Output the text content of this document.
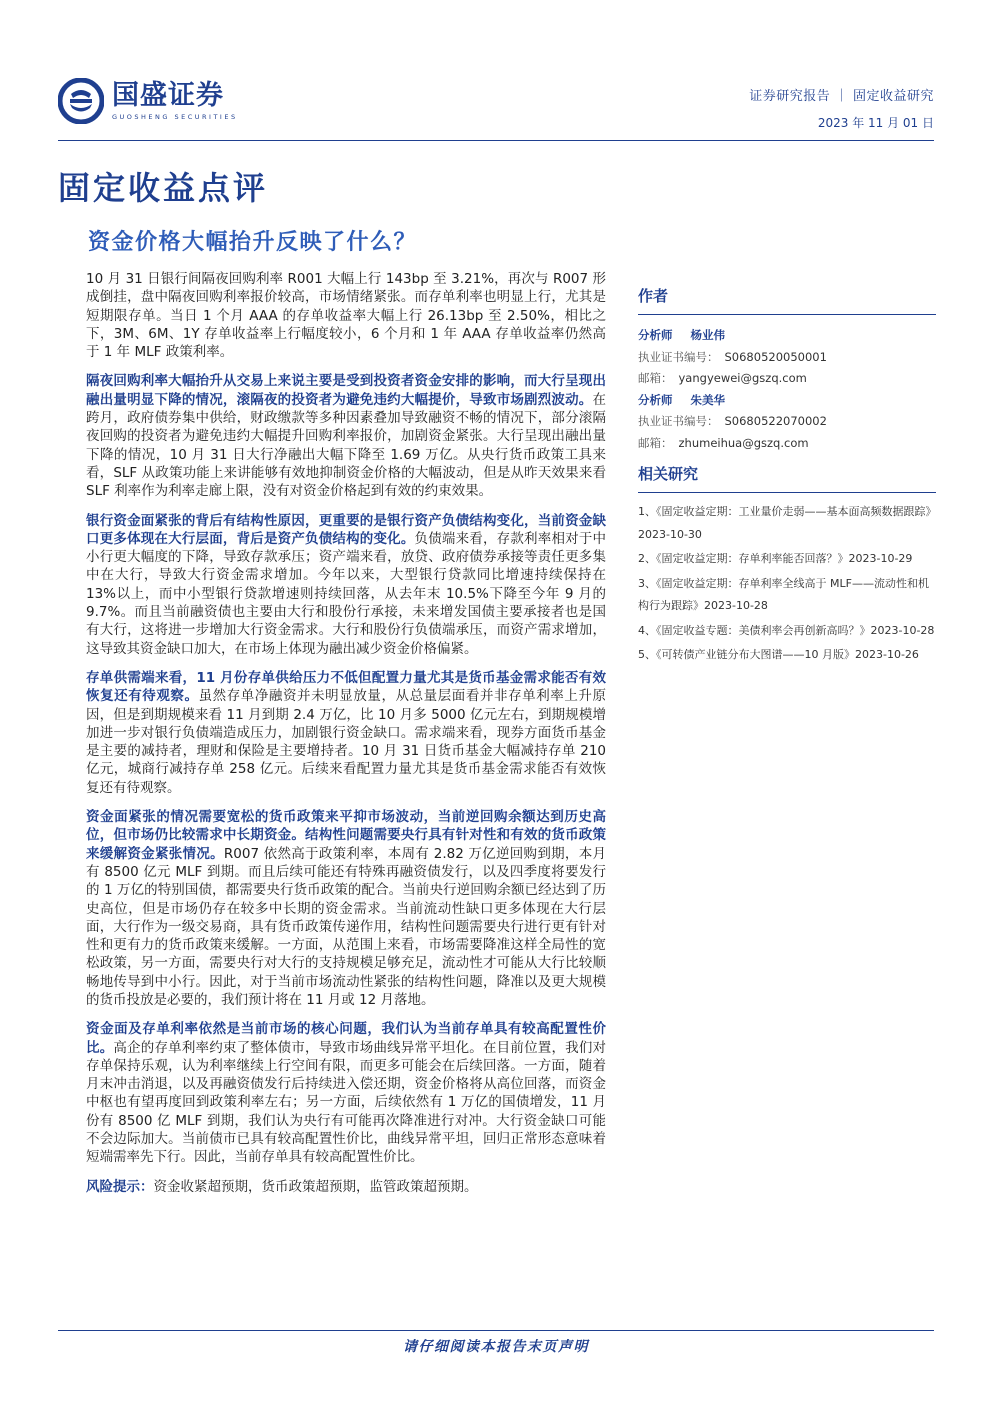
国盛证券
GUOSHENG SECURITIES
证券研究报告 ｜ 固定收益研究
2023 年 11 月 01 日
固定收益点评
资金价格大幅抬升反映了什么？

10 月 31 日银行间隔夜回购利率 R001 大幅上行 143bp 至 3.21%，再次与 R007 形成倒挂，盘中隔夜回购利率报价较高，市场情绪紧张。而存单利率也明显上行，尤其是短期限存单。当日 1 个月 AAA 的存单收益率大幅上行 26.13bp 至 2.50%，相比之下，3M、6M、1Y 存单收益率上行幅度较小，6 个月和 1 年 AAA 存单收益率仍然高于 1 年 MLF 政策利率。

隔夜回购利率大幅抬升从交易上来说主要是受到投资者资金安排的影响，而大行呈现出融出量明显下降的情况，滚隔夜的投资者为避免违约大幅提价，导致市场剧烈波动。在跨月，政府债券集中供给，财政缴款等多种因素叠加导致融资不畅的情况下，部分滚隔夜回购的投资者为避免违约大幅提升回购利率报价，加剧资金紧张。大行呈现出融出量下降的情况，10 月 31 日大行净融出大幅下降至 1.69 万亿。从央行货币政策工具来看，SLF 从政策功能上来讲能够有效地抑制资金价格的大幅波动，但是从昨天效果来看 SLF 利率作为利率走廊上限，没有对资金价格起到有效的约束效果。

银行资金面紧张的背后有结构性原因，更重要的是银行资产负债结构变化，当前资金缺口更多体现在大行层面，背后是资产负债结构的变化。负债端来看，存款利率相对于中小行更大幅度的下降，导致存款承压；资产端来看，放贷、政府债券承接等责任更多集中在大行，导致大行资金需求增加。今年以来，大型银行贷款同比增速持续保持在 13%以上，而中小型银行贷款增速则持续回落，从去年末 10.5%下降至今年 9 月的 9.7%。而且当前融资债也主要由大行和股份行承接，未来增发国债主要承接者也是国有大行，这将进一步增加大行资金需求。大行和股份行负债端承压，而资产需求增加，这导致其资金缺口加大，在市场上体现为融出减少资金价格偏紧。

存单供需端来看，11 月份存单供给压力不低但配置力量尤其是货币基金需求能否有效恢复还有待观察。虽然存单净融资并未明显放量，从总量层面看并非存单利率上升原因，但是到期规模来看 11 月到期 2.4 万亿，比 10 月多 5000 亿元左右，到期规模增加进一步对银行负债端造成压力，加剧银行资金缺口。需求端来看，现券方面货币基金是主要的减持者，理财和保险是主要增持者。10 月 31 日货币基金大幅减持存单 210 亿元，城商行减持存单 258 亿元。后续来看配置力量尤其是货币基金需求能否有效恢复还有待观察。

资金面紧张的情况需要宽松的货币政策来平抑市场波动，当前逆回购余额达到历史高位，但市场仍比较需求中长期资金。结构性问题需要央行具有针对性和有效的货币政策来缓解资金紧张情况。R007 依然高于政策利率，本周有 2.82 万亿逆回购到期，本月有 8500 亿元 MLF 到期。而且后续可能还有特殊再融资债发行，以及四季度将要发行的 1 万亿的特别国债，都需要央行货币政策的配合。当前央行逆回购余额已经达到了历史高位，但是市场仍存在较多中长期的资金需求。当前流动性缺口更多体现在大行层面，大行作为一级交易商，具有货币政策传递作用，结构性问题需要央行进行更有针对性和更有力的货币政策来缓解。一方面，从范围上来看，市场需要降准这样全局性的宽松政策，另一方面，需要央行对大行的支持规模足够充足，流动性才可能从大行比较顺畅地传导到中小行。因此，对于当前市场流动性紧张的结构性问题，降准以及更大规模的货币投放是必要的，我们预计将在 11 月或 12 月落地。

资金面及存单利率依然是当前市场的核心问题，我们认为当前存单具有较高配置性价比。高企的存单利率约束了整体债市，导致市场曲线异常平坦化。在目前位置，我们对存单保持乐观，认为利率继续上行空间有限，而更多可能会在后续回落。一方面，随着月末冲击消退，以及再融资债发行后持续进入偿还期，资金价格将从高位回落，而资金中枢也有望再度回到政策利率左右；另一方面，后续依然有 1 万亿的国债增发，11 月份有 8500 亿 MLF 到期，我们认为央行有可能再次降准进行对冲。大行资金缺口可能不会边际加大。当前债市已具有较高配置性价比，曲线异常平坦，回归正常形态意味着短端需率先下行。因此，当前存单具有较高配置性价比。

风险提示：资金收紧超预期，货币政策超预期，监管政策超预期。

作者
分析师 杨业伟
执业证书编号： S0680520050001
邮箱： yangyewei@gszq.com
分析师 朱美华
执业证书编号： S0680522070002
邮箱： zhumeihua@gszq.com
相关研究
1、《固定收益定期：工业量价走弱——基本面高频数据跟踪》2023-10-30
2、《固定收益定期：存单利率能否回落？》2023-10-29
3、《固定收益定期：存单利率全线高于 MLF——流动性和机构行为跟踪》2023-10-28
4、《固定收益专题：美债利率会再创新高吗？》2023-10-28
5、《可转债产业链分布大图谱——10 月版》2023-10-26
请仔细阅读本报告末页声明
